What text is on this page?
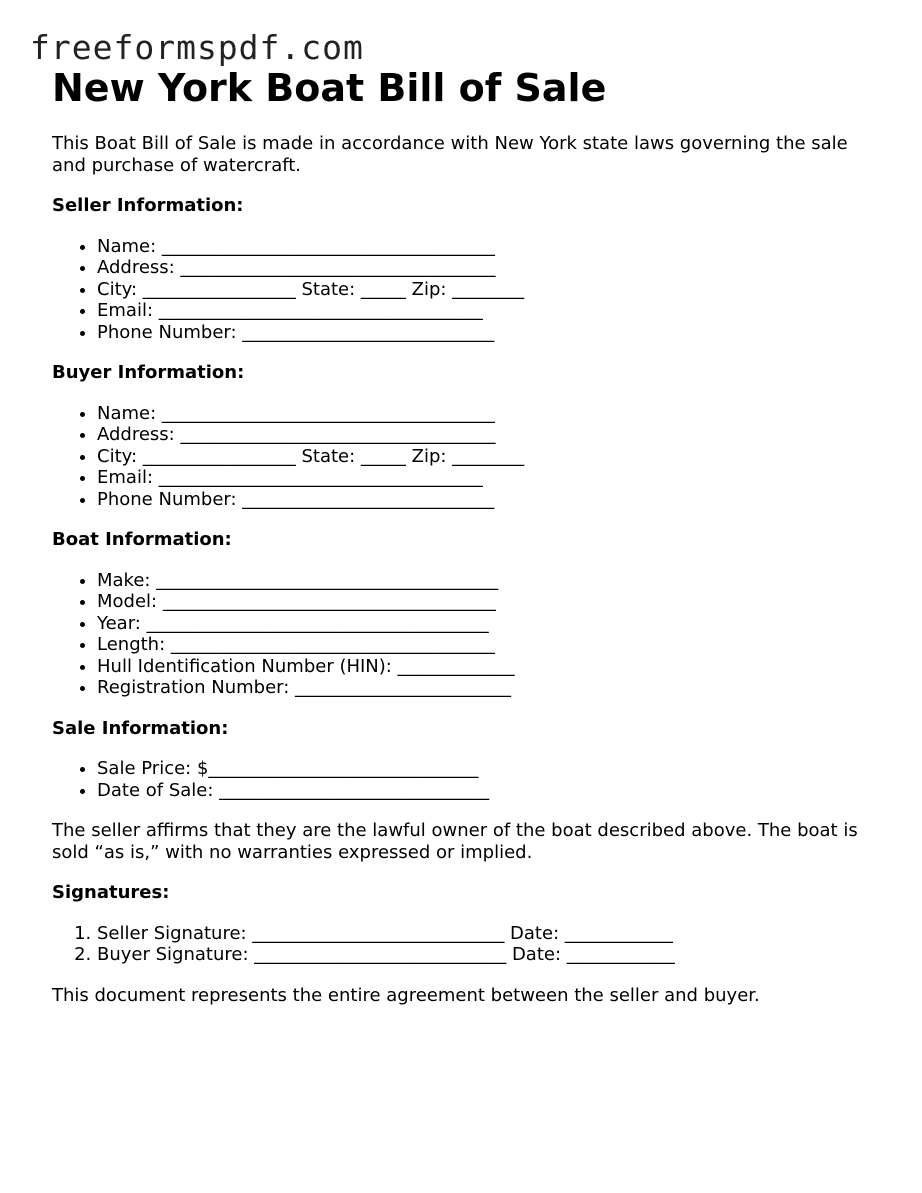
freeformspdf.com
New York Boat Bill of Sale

This Boat Bill of Sale is made in accordance with New York state laws governing the sale and purchase of watercraft.

Seller Information:

• Name: _____________________________________
• Address: ___________________________________
• City: _________________ State: _____ Zip: ________
• Email: ____________________________________
• Phone Number: ____________________________

Buyer Information:

• Name: _____________________________________
• Address: ___________________________________
• City: _________________ State: _____ Zip: ________
• Email: ____________________________________
• Phone Number: ____________________________

Boat Information:

• Make: ______________________________________
• Model: _____________________________________
• Year: ______________________________________
• Length: ____________________________________
• Hull Identification Number (HIN): _____________
• Registration Number: ________________________

Sale Information:

• Sale Price: $______________________________
• Date of Sale: ______________________________

The seller affirms that they are the lawful owner of the boat described above. The boat is sold “as is,” with no warranties expressed or implied.

Signatures:

1. Seller Signature: ____________________________ Date: ____________
2. Buyer Signature: ____________________________ Date: ____________

This document represents the entire agreement between the seller and buyer.
